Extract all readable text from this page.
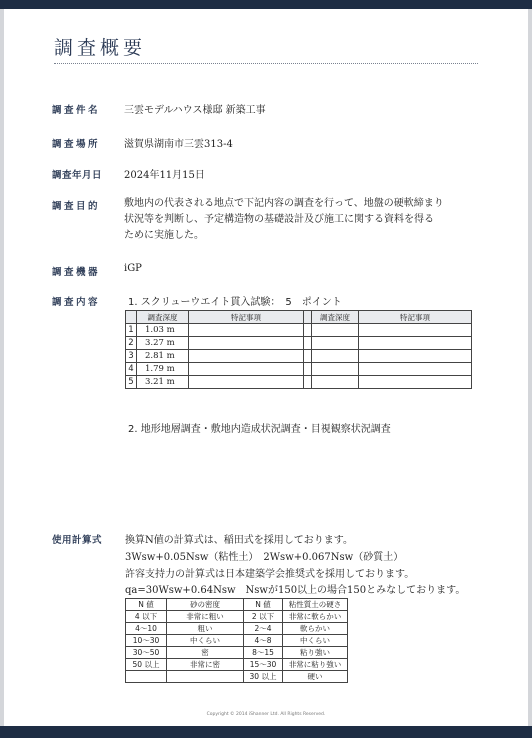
調査概要
調査件名 三雲モデルハウス様邸 新築工事
調査場所 滋賀県湖南市三雲313-4
調査年月日 2024年11月15日
調査目的 敷地内の代表される地点で下記内容の調査を行って、地盤の硬軟締まり
状況等を判断し、予定構造物の基礎設計及び施工に関する資料を得る
ために実施した。
調査機器 iGP
調査内容	1. スクリューウエイト貫入試験：　5　ポイント
	調査深度	特記事項		調査深度	特記事項
1	1.03 m				
2	3.27 m				
3	2.81 m				
4	1.79 m				
5	3.21 m				
2. 地形地層調査・敷地内造成状況調査・目視観察状況調査
使用計算式 換算N値の計算式は、稲田式を採用しております。
3Wsw+0.05Nsw（粘性土）　2Wsw+0.067Nsw（砂質土）
許容支持力の計算式は日本建築学会推奨式を採用しております。
qa=30Wsw+0.64Nsw　Nswが150以上の場合150とみなしております。
N 値	砂の密度	N 値	粘性質土の硬さ
4 以下	非常に粗い	2 以下	非常に軟らかい
4〜10	粗い	2〜4	軟らかい
10〜30	中くらい	4〜8	中くらい
30〜50	密	8〜15	粘り強い
50 以上	非常に密	15〜30	非常に粘り強い
		30 以上	硬い
Copyright © 2014 iShanner Ltd. All Rights Reserved.
